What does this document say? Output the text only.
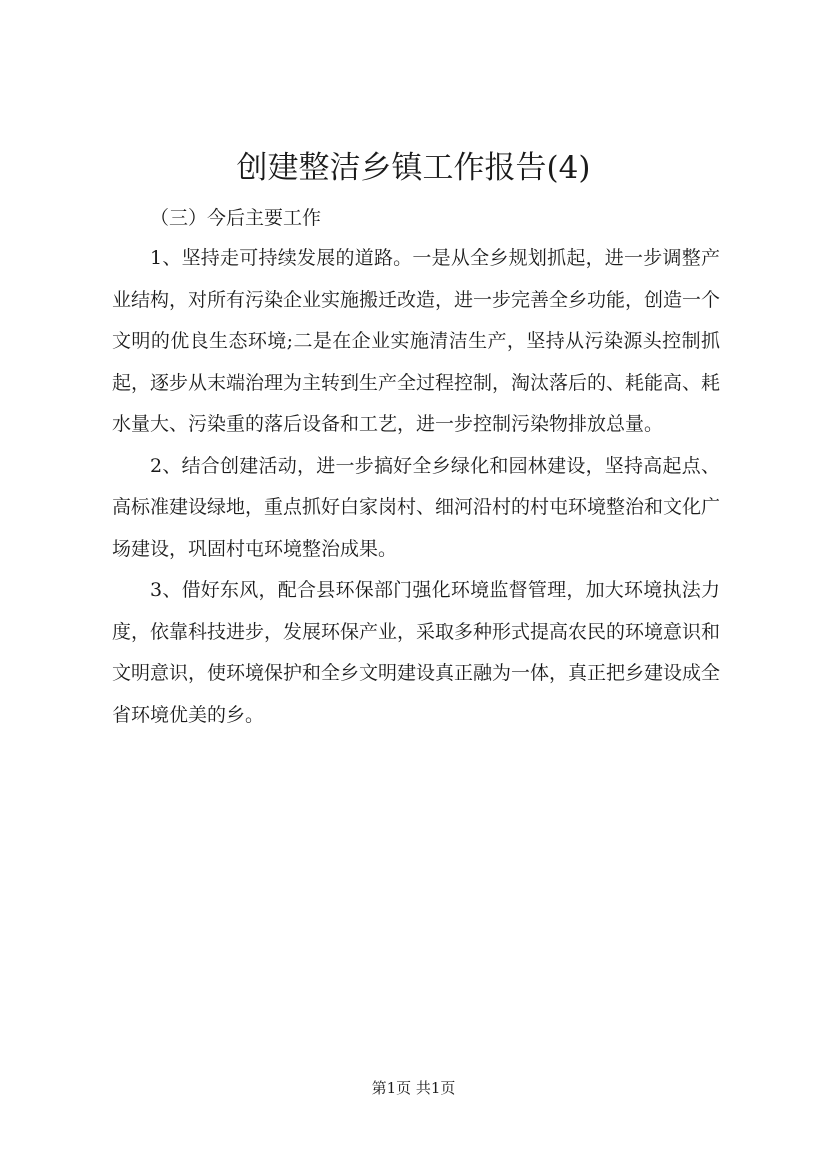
创建整洁乡镇工作报告(4)

（三）今后主要工作

1、坚持走可持续发展的道路。一是从全乡规划抓起，进一步调整产业结构，对所有污染企业实施搬迁改造，进一步完善全乡功能，创造一个文明的优良生态环境;二是在企业实施清洁生产，坚持从污染源头控制抓起，逐步从末端治理为主转到生产全过程控制，淘汰落后的、耗能高、耗水量大、污染重的落后设备和工艺，进一步控制污染物排放总量。

2、结合创建活动，进一步搞好全乡绿化和园林建设，坚持高起点、高标准建设绿地，重点抓好白家岗村、细河沿村的村屯环境整治和文化广场建设，巩固村屯环境整治成果。

3、借好东风，配合县环保部门强化环境监督管理，加大环境执法力度，依靠科技进步，发展环保产业，采取多种形式提高农民的环境意识和文明意识，使环境保护和全乡文明建设真正融为一体，真正把乡建设成全省环境优美的乡。

第1页 共1页
